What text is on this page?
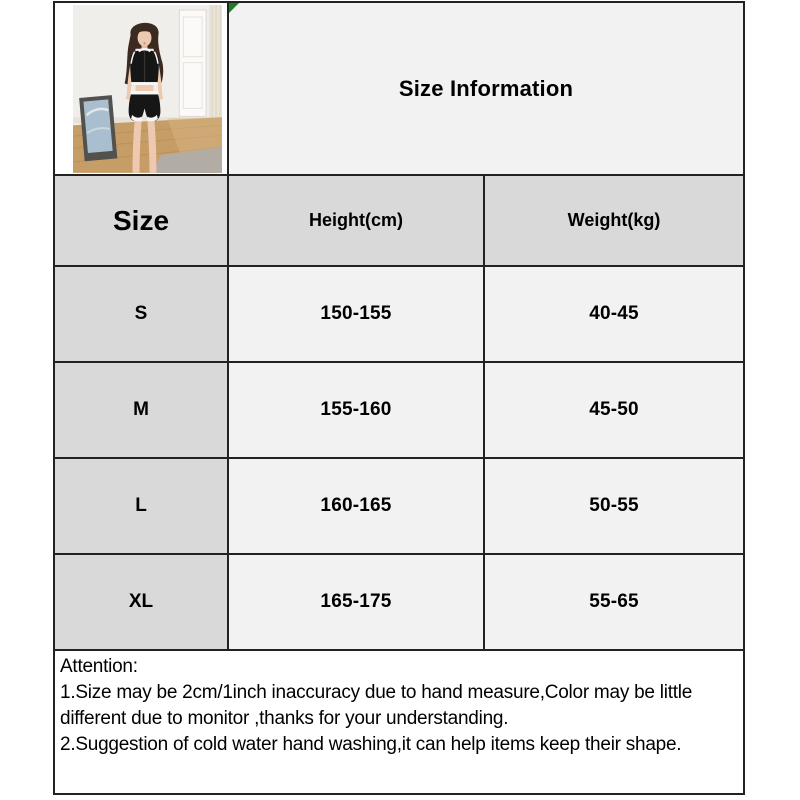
Size Information
Size	Height(cm)	Weight(kg)
S	150-155	40-45
M	155-160	45-50
L	160-165	50-55
XL	165-175	55-65
Attention:
1.Size may be 2cm/1inch inaccuracy due to hand measure,Color may be little
different due to monitor ,thanks for your understanding.
2.Suggestion of cold water hand washing,it can help items keep their shape.
